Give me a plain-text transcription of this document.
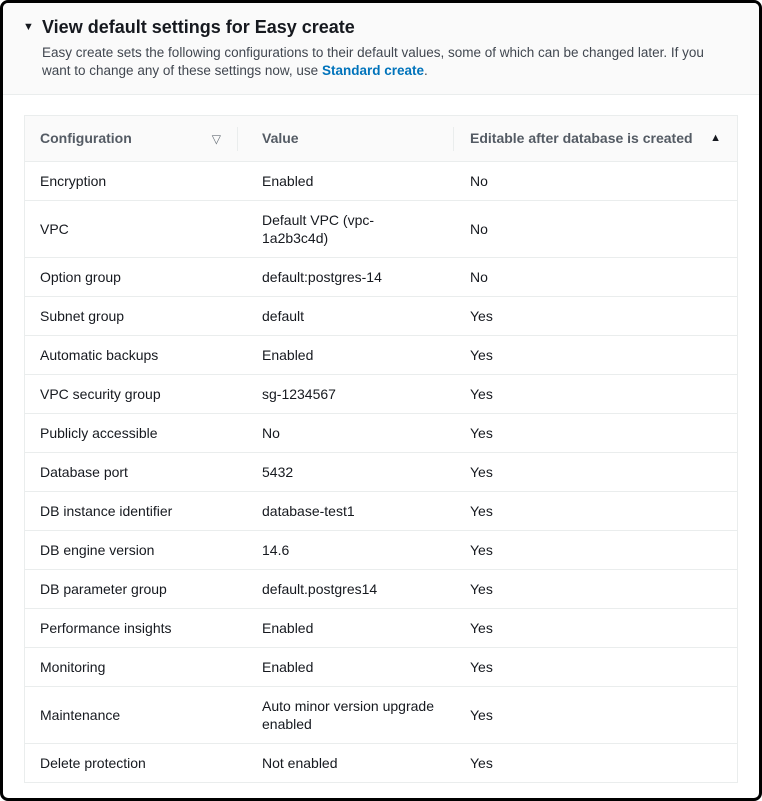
▼ View default settings for Easy create

Easy create sets the following configurations to their default values, some of which can be changed later. If you want to change any of these settings now, use Standard create.

Configuration ▽	Value	Editable after database is created ▲

Encryption	Enabled	No
VPC	Default VPC (vpc-1a2b3c4d)	No
Option group	default:postgres-14	No
Subnet group	default	Yes
Automatic backups	Enabled	Yes
VPC security group	sg-1234567	Yes
Publicly accessible	No	Yes
Database port	5432	Yes
DB instance identifier	database-test1	Yes
DB engine version	14.6	Yes
DB parameter group	default.postgres14	Yes
Performance insights	Enabled	Yes
Monitoring	Enabled	Yes
Maintenance	Auto minor version upgrade enabled	Yes
Delete protection	Not enabled	Yes
